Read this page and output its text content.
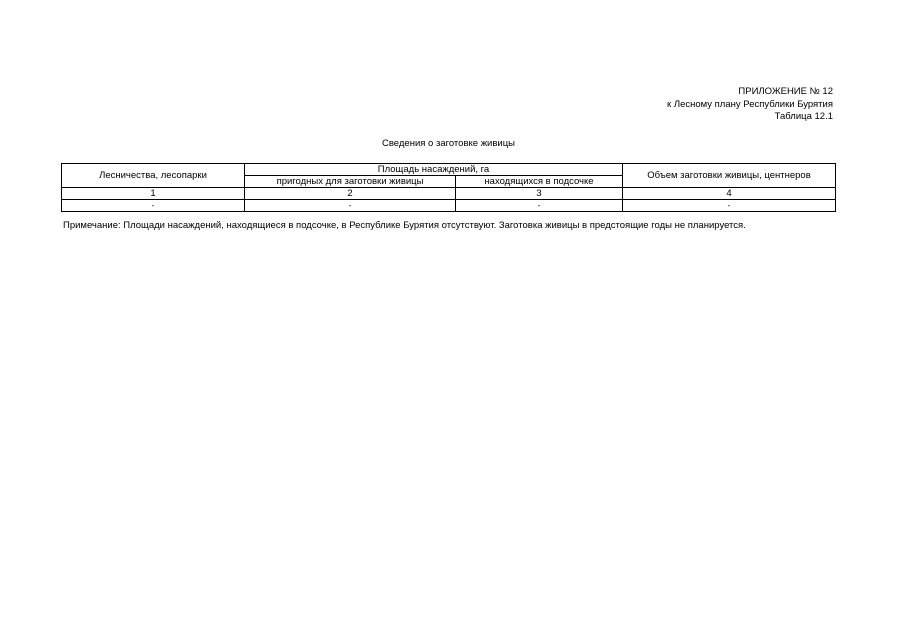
ПРИЛОЖЕНИЕ № 12
к Лесному плану Республики Бурятия
Таблица 12.1
Сведения о заготовке живицы
Лесничества, лесопарки	Площадь насаждений, га		Объем заготовки живицы, центнеров
	пригодных для заготовки живицы	находящихся в подсочке	
1	2	3	4
-	-	-	-
Примечание: Площади насаждений, находящиеся в подсочке, в Республике Бурятия отсутствуют. Заготовка живицы в предстоящие годы не планируется.
